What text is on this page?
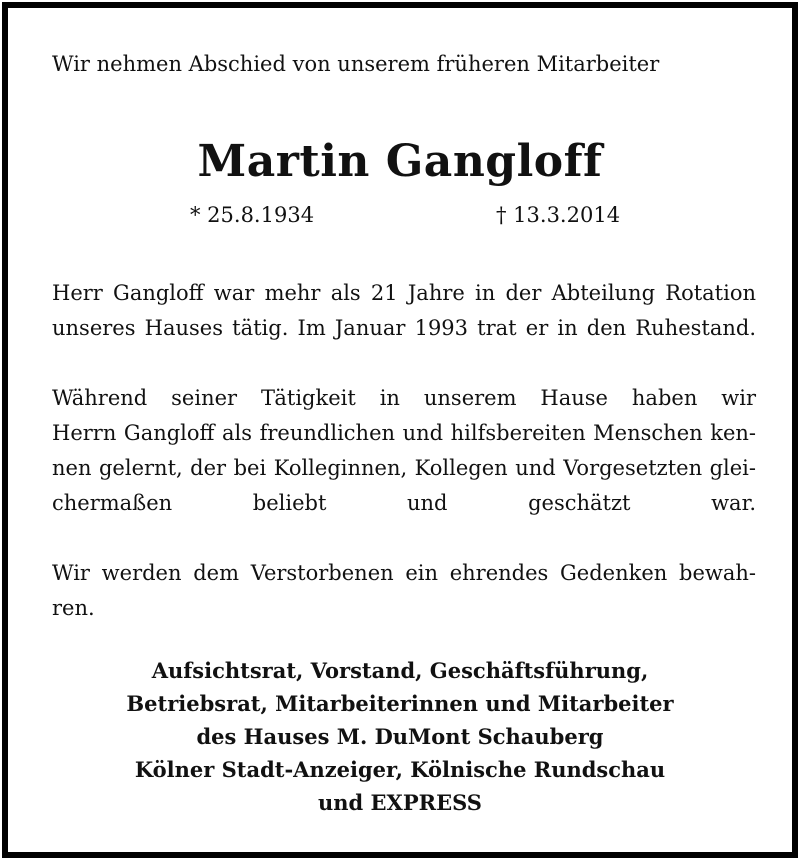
Wir nehmen Abschied von unserem früheren Mitarbeiter
Martin Gangloff
* 25.8.1934	† 13.3.2014
Herr Gangloff war mehr als 21 Jahre in der Abteilung Rotation
unseres Hauses tätig. Im Januar 1993 trat er in den Ruhestand.
Während seiner Tätigkeit in unserem Hause haben wir
Herrn Gangloff als freundlichen und hilfsbereiten Menschen ken-
nen gelernt, der bei Kolleginnen, Kollegen und Vorgesetzten glei-
chermaßen beliebt und geschätzt war.
Wir werden dem Verstorbenen ein ehrendes Gedenken bewah-
ren.
Aufsichtsrat, Vorstand, Geschäftsführung,
Betriebsrat, Mitarbeiterinnen und Mitarbeiter
des Hauses M. DuMont Schauberg
Kölner Stadt-Anzeiger, Kölnische Rundschau
und EXPRESS
